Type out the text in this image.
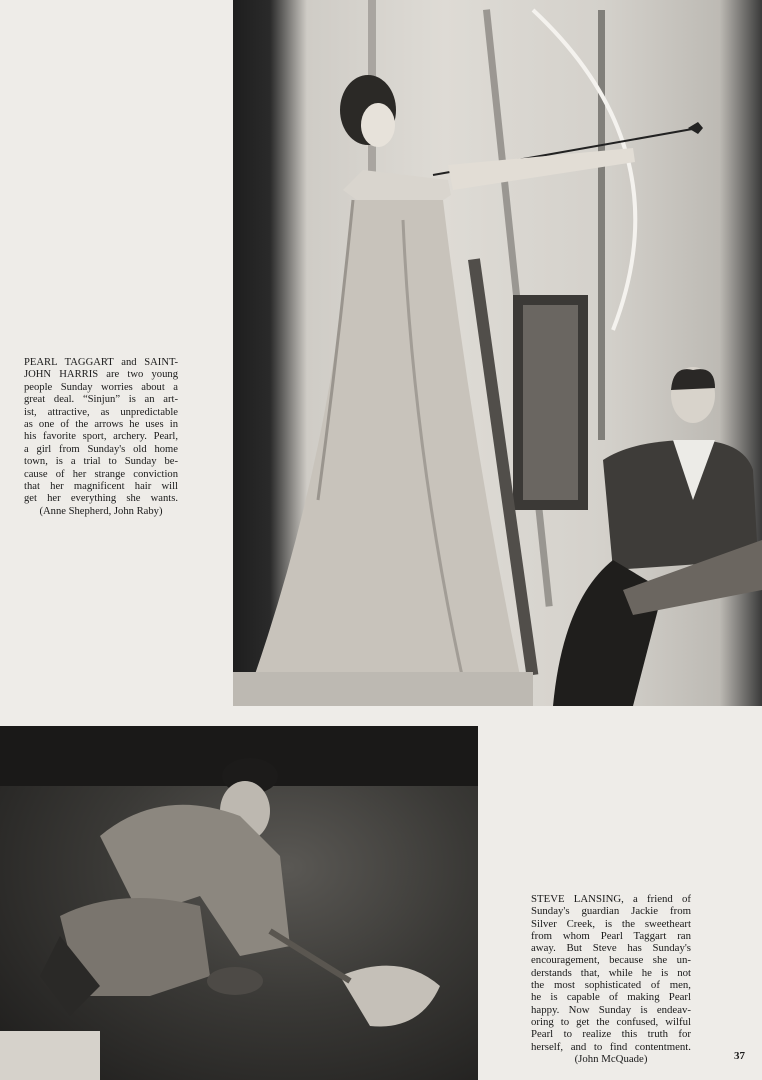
PEARL TAGGART and SAINT-
JOHN HARRIS are two young
people Sunday worries about a
great deal. “Sinjun” is an art-
ist, attractive, as unpredictable
as one of the arrows he uses in
his favorite sport, archery. Pearl,
a girl from Sunday's old home
town, is a trial to Sunday be-
cause of her strange conviction
that her magnificent hair will
get her everything she wants.
(Anne Shepherd, John Raby)
STEVE LANSING, a friend of
Sunday's guardian Jackie from
Silver Creek, is the sweetheart
from whom Pearl Taggart ran
away. But Steve has Sunday's
encouragement, because she un-
derstands that, while he is not
the most sophisticated of men,
he is capable of making Pearl
happy. Now Sunday is endeav-
oring to get the confused, wilful
Pearl to realize this truth for
herself, and to find contentment.
(John McQuade)	37
